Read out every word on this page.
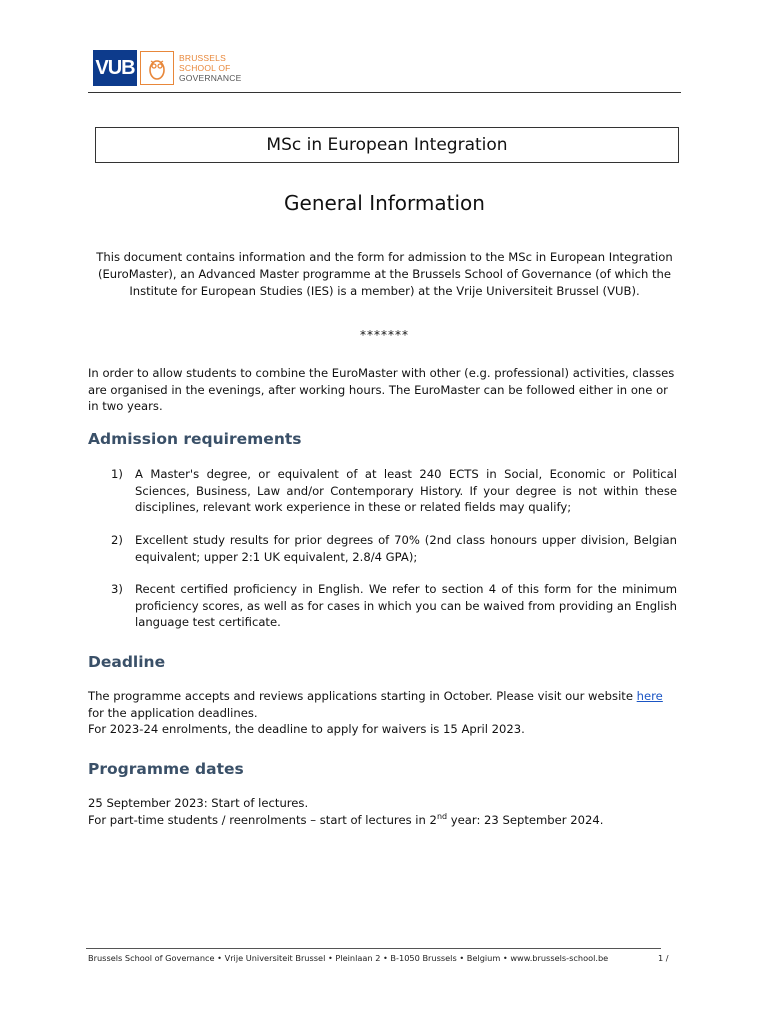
VUB	BRUSSELS
SCHOOL OF
GOVERNANCE
MSc in European Integration
General Information
This document contains information and the form for admission to the MSc in European Integration (EuroMaster), an Advanced Master programme at the Brussels School of Governance (of which the Institute for European Studies (IES) is a member) at the Vrije Universiteit Brussel (VUB).
*******
In order to allow students to combine the EuroMaster with other (e.g. professional) activities, classes are organised in the evenings, after working hours. The EuroMaster can be followed either in one or in two years.
Admission requirements
1)	A Master's degree, or equivalent of at least 240 ECTS in Social, Economic or Political Sciences, Business, Law and/or Contemporary History. If your degree is not within these disciplines, relevant work experience in these or related fields may qualify;
2)	Excellent study results for prior degrees of 70% (2nd class honours upper division, Belgian equivalent; upper 2:1 UK equivalent, 2.8/4 GPA);
3)	Recent certified proficiency in English. We refer to section 4 of this form for the minimum proficiency scores, as well as for cases in which you can be waived from providing an English language test certificate.
Deadline
The programme accepts and reviews applications starting in October. Please visit our website here for the application deadlines.
For 2023-24 enrolments, the deadline to apply for waivers is 15 April 2023.
Programme dates
25 September 2023: Start of lectures.
For part-time students / reenrolments – start of lectures in 2nd year: 23 September 2024.
Brussels School of Governance • Vrije Universiteit Brussel • Pleinlaan 2 • B-1050 Brussels • Belgium • www.brussels-school.be	1 /
